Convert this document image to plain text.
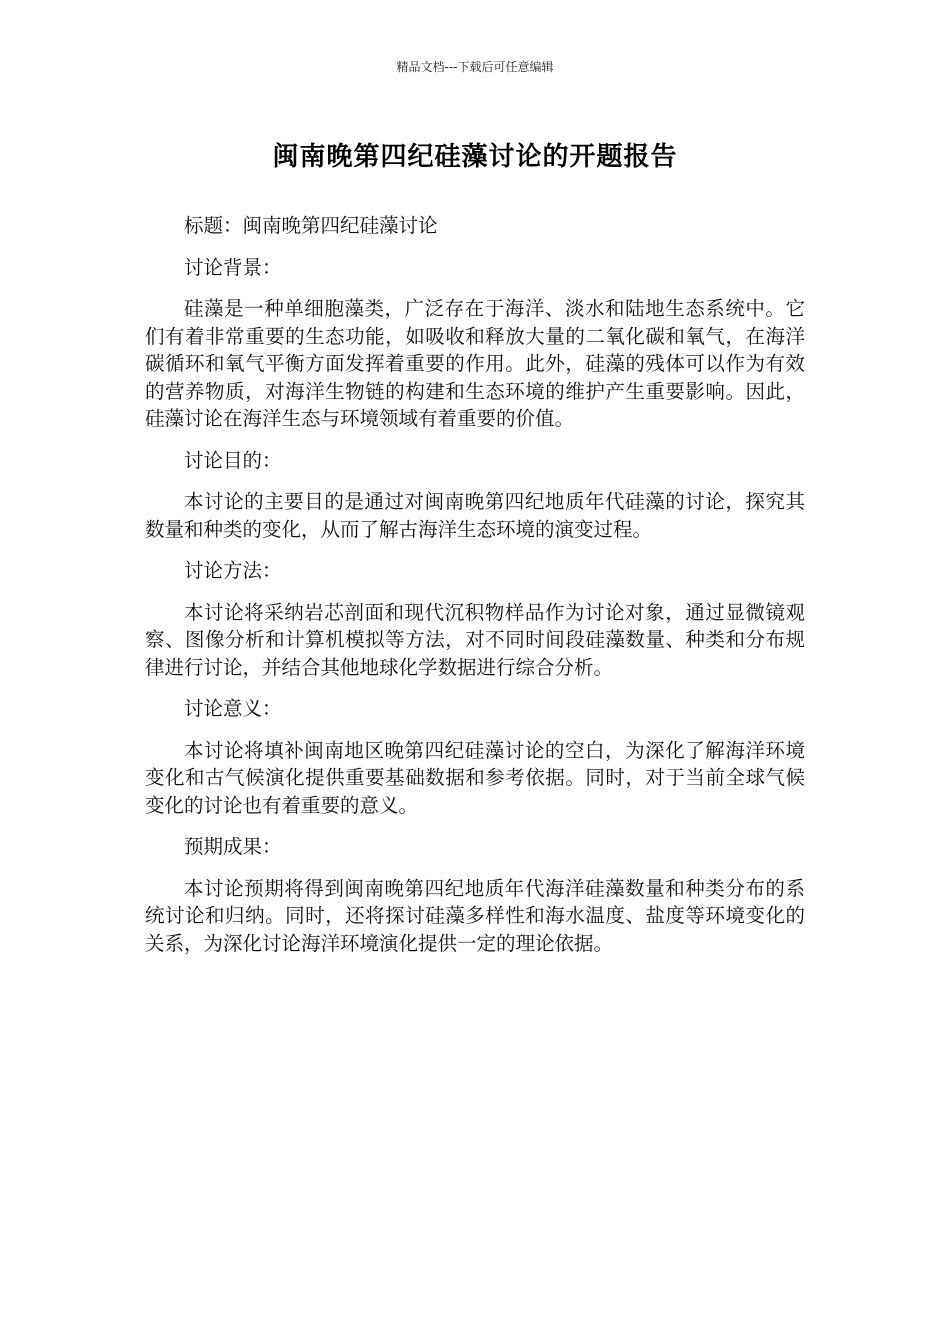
精品文档---下载后可任意编辑
闽南晚第四纪硅藻讨论的开题报告

标题：闽南晚第四纪硅藻讨论

讨论背景：

硅藻是一种单细胞藻类，广泛存在于海洋、淡水和陆地生态系统中。它们有着非常重要的生态功能，如吸收和释放大量的二氧化碳和氧气，在海洋碳循环和氧气平衡方面发挥着重要的作用。此外，硅藻的残体可以作为有效的营养物质，对海洋生物链的构建和生态环境的维护产生重要影响。因此，硅藻讨论在海洋生态与环境领域有着重要的价值。

讨论目的：

本讨论的主要目的是通过对闽南晚第四纪地质年代硅藻的讨论，探究其数量和种类的变化，从而了解古海洋生态环境的演变过程。

讨论方法：

本讨论将采纳岩芯剖面和现代沉积物样品作为讨论对象，通过显微镜观察、图像分析和计算机模拟等方法，对不同时间段硅藻数量、种类和分布规律进行讨论，并结合其他地球化学数据进行综合分析。

讨论意义：

本讨论将填补闽南地区晚第四纪硅藻讨论的空白，为深化了解海洋环境变化和古气候演化提供重要基础数据和参考依据。同时，对于当前全球气候变化的讨论也有着重要的意义。

预期成果：

本讨论预期将得到闽南晚第四纪地质年代海洋硅藻数量和种类分布的系统讨论和归纳。同时，还将探讨硅藻多样性和海水温度、盐度等环境变化的关系，为深化讨论海洋环境演化提供一定的理论依据。
